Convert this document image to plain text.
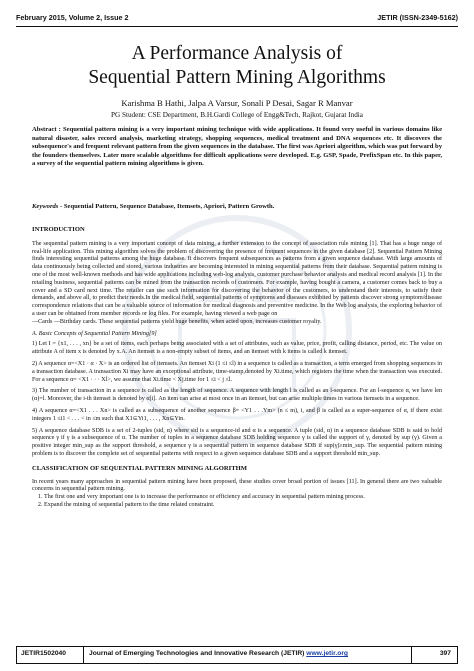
February 2015, Volume 2, Issue 2	JETIR (ISSN-2349-5162)
JETIR
A Performance Analysis of
Sequential Pattern Mining Algorithms
Karishma B Hathi, Jalpa A Varsur, Sonali P Desai, Sagar R Manvar
PG Student: CSE Department, B.H.Gardi College of Engg&Tech, Rajkot, Gujarat India
Abstract : Sequential pattern mining is a very important mining technique with wide applications. It found very useful in various domains like natural disaster, sales record analysis, marketing strategy, shopping sequences, medical treatment and DNA sequences etc. It discovers the subsequence's and frequent relevant pattern from the given sequences in the database. The first was Apriori algorithm, which was put forward by the founders themselves. Later more scalable algorithms for difficult applications were developed. E.g. GSP, Spade, PrefixSpan etc. In this paper, a survey of the sequential pattern mining algorithms is given.
Keywords - Sequential Pattern, Sequence Database, Itemsets, Apriori, Pattern Growth.
INTRODUCTION
The sequential pattern mining is a very important concept of data mining, a further extension to the concept of association rule mining [1]. That has a huge range of real-life application. This mining algorithm solves the problem of discovering the presence of frequent sequences in the given database [2]. Sequential Pattern Mining finds interesting sequential patterns among the huge database. It discovers frequent subsequences as patterns from a given sequence database. With large amounts of data continuously being collected and stored, various industries are becoming interested in mining sequential patterns from their database. Sequential pattern mining is one of the most well-known methods and has wide applications including web-log analysis, customer purchase behavior analysis and medical record analysis [1]. In the retailing business, sequential patterns can be mined from the transaction records of customers. For example, having bought a camera, a customer comes back to buy a cover and a SD card next time. The retailer can use such information for discovering the behavior of the customers, to understand their interests, to satisfy their demands, and above all, to predict their needs.In the medical field, sequential patterns of symptoms and diseases exhibited by patients discover strong symptom/disease correspondence relations that can be a valuable source of information for medical diagnosis and preventive medicine. In the Web log analysis, the exploring behavior of a user can be obtained from member records or log files. For example, having viewed a web page on
―Cards ―Birthday cards. These sequential patterns yield huge benefits, when acted upon, increases customer royalty.
A. Basic Concepts of Sequential Pattern Mining[9]
1) Let I = {x1, . . . , xn} be a set of items, each perhaps being associated with a set of attributes, such as value, price, profit, calling distance, period, etc. The value on attribute A of item x is denoted by x.A. An itemset is a non-empty subset of items, and an itemset with k items is called k itemset.
2) A sequence α=<X1 · α · X> is an ordered list of itemsets. An itemset Xi (1 ≤i ≤l) in a sequence is called as a transaction, a term emerged from shopping sequences in a transaction database. A transaction Xi may have an exceptional attribute, time-stamp,denoted by Xi.time, which registers the time when the transaction was executed. For a sequence α= <X1 · · · Xl>, we assume that Xi.time < Xj.time for 1 ≤i < j ≤l.
3) The number of transaction in a sequence is called as the length of sequence. A sequence with length l is called as an l-sequence. For an l-sequence α, we have len (α)=l. Moreover, the i-th itemset is denoted by α[i]. An item can arise at most once in an itemset, but can arise multiple times in various itemsets in a sequence.
4) A sequence α=<X1 . . . Xn> is called as a subsequence of another sequence β= <Y1 . . .Ym> (n ≤ m), i, and β is called as a super-sequence of α, if there exist integers 1 ≤i1 < . . . < in ≤m such that X1⊆Yi1, . . . , Xn⊆Yin.
5) A sequence database SDB is a set of 2-tuples (sid, α) where sid is a sequence-id and α is a sequence. A tuple (sid, α) in a sequence database SDB is said to hold sequence γ if γ is a subsequence of α. The number of tuples in a sequence database SDB holding sequence γ is called the support of γ, denoted by sup (γ). Given a positive integer min_sup as the support threshold, a sequence γ is a sequential pattern in sequence database SDB if sup(γ)≥min_sup. The sequential pattern mining problem is to discover the complete set of sequential patterns with respect to a given sequence database SDB and a support threshold min_sup.
CLASSIFICATION OF SEQUENTIAL PATTERN MINING ALGORITHM
In recent years many approaches in sequential pattern mining have been proposed, these studies cover broad portion of issues [11]. In general there are two valuable concerns in sequential pattern mining.
1. The first one and very important one is to increase the performance or efficiency and accuracy in sequential pattern mining process.
2. Expand the mining of sequential pattern to the time related constraint.
JETIR1502040	Journal of Emerging Technologies and Innovative Research (JETIR) www.jetir.org	397
